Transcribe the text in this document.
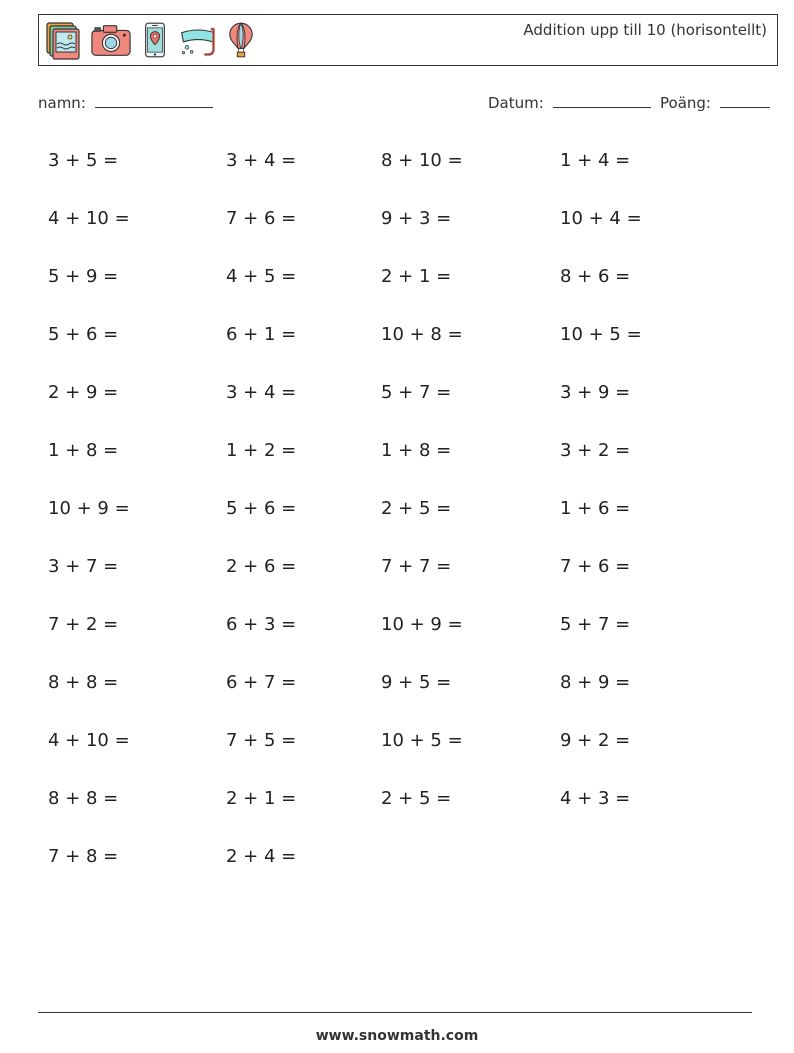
Addition upp till 10 (horisontellt)
namn:	Datum:	Poäng:
3 + 5 =	3 + 4 =	8 + 10 =	1 + 4 =
4 + 10 =	7 + 6 =	9 + 3 =	10 + 4 =
5 + 9 =	4 + 5 =	2 + 1 =	8 + 6 =
5 + 6 =	6 + 1 =	10 + 8 =	10 + 5 =
2 + 9 =	3 + 4 =	5 + 7 =	3 + 9 =
1 + 8 =	1 + 2 =	1 + 8 =	3 + 2 =
10 + 9 =	5 + 6 =	2 + 5 =	1 + 6 =
3 + 7 =	2 + 6 =	7 + 7 =	7 + 6 =
7 + 2 =	6 + 3 =	10 + 9 =	5 + 7 =
8 + 8 =	6 + 7 =	9 + 5 =	8 + 9 =
4 + 10 =	7 + 5 =	10 + 5 =	9 + 2 =
8 + 8 =	2 + 1 =	2 + 5 =	4 + 3 =
7 + 8 =	2 + 4 =
www.snowmath.com
